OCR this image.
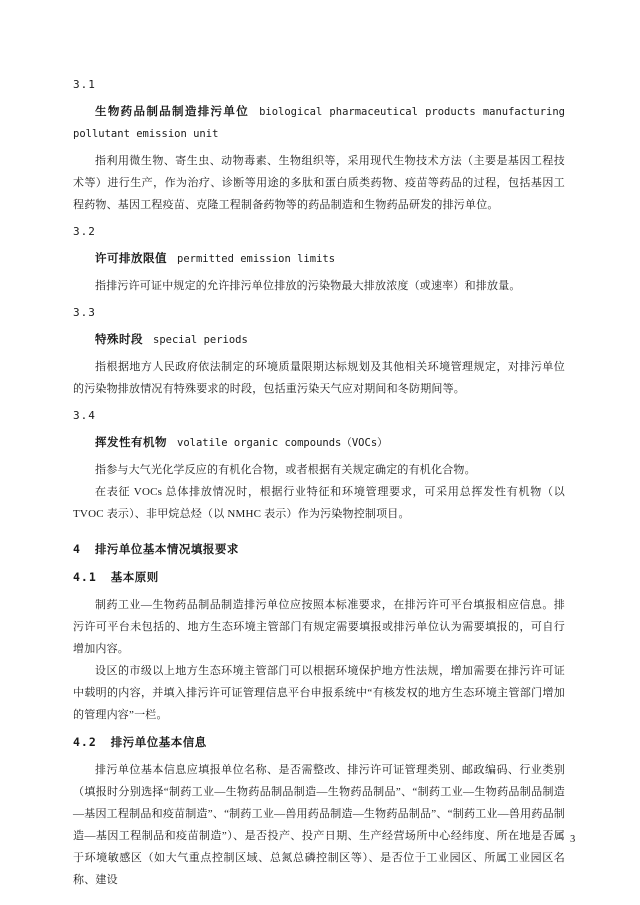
3.1

生物药品制品制造排污单位 biological pharmaceutical products manufacturing pollutant emission unit

指利用微生物、寄生虫、动物毒素、生物组织等，采用现代生物技术方法（主要是基因工程技术等）进行生产，作为治疗、诊断等用途的多肽和蛋白质类药物、疫苗等药品的过程，包括基因工程药物、基因工程疫苗、克隆工程制备药物等的药品制造和生物药品研发的排污单位。

3.2

许可排放限值 permitted emission limits

指排污许可证中规定的允许排污单位排放的污染物最大排放浓度（或速率）和排放量。

3.3

特殊时段 special periods

指根据地方人民政府依法制定的环境质量限期达标规划及其他相关环境管理规定，对排污单位的污染物排放情况有特殊要求的时段，包括重污染天气应对期间和冬防期间等。

3.4

挥发性有机物 volatile organic compounds（VOCs）

指参与大气光化学反应的有机化合物，或者根据有关规定确定的有机化合物。

在表征 VOCs 总体排放情况时，根据行业特征和环境管理要求，可采用总挥发性有机物（以 TVOC 表示）、非甲烷总烃（以 NMHC 表示）作为污染物控制项目。

4 排污单位基本情况填报要求

4.1 基本原则

制药工业—生物药品制品制造排污单位应按照本标准要求，在排污许可平台填报相应信息。排污许可平台未包括的、地方生态环境主管部门有规定需要填报或排污单位认为需要填报的，可自行增加内容。

设区的市级以上地方生态环境主管部门可以根据环境保护地方性法规，增加需要在排污许可证中载明的内容，并填入排污许可证管理信息平台申报系统中“有核发权的地方生态环境主管部门增加的管理内容”一栏。

4.2 排污单位基本信息

排污单位基本信息应填报单位名称、是否需整改、排污许可证管理类别、邮政编码、行业类别（填报时分别选择“制药工业—生物药品制品制造—生物药品制品”、“制药工业—生物药品制品制造—基因工程制品和疫苗制造”、“制药工业—兽用药品制造—生物药品制品”、“制药工业—兽用药品制造—基因工程制品和疫苗制造”）、是否投产、投产日期、生产经营场所中心经纬度、所在地是否属于环境敏感区（如大气重点控制区域、总氮总磷控制区等）、是否位于工业园区、所属工业园区名称、建设

3
